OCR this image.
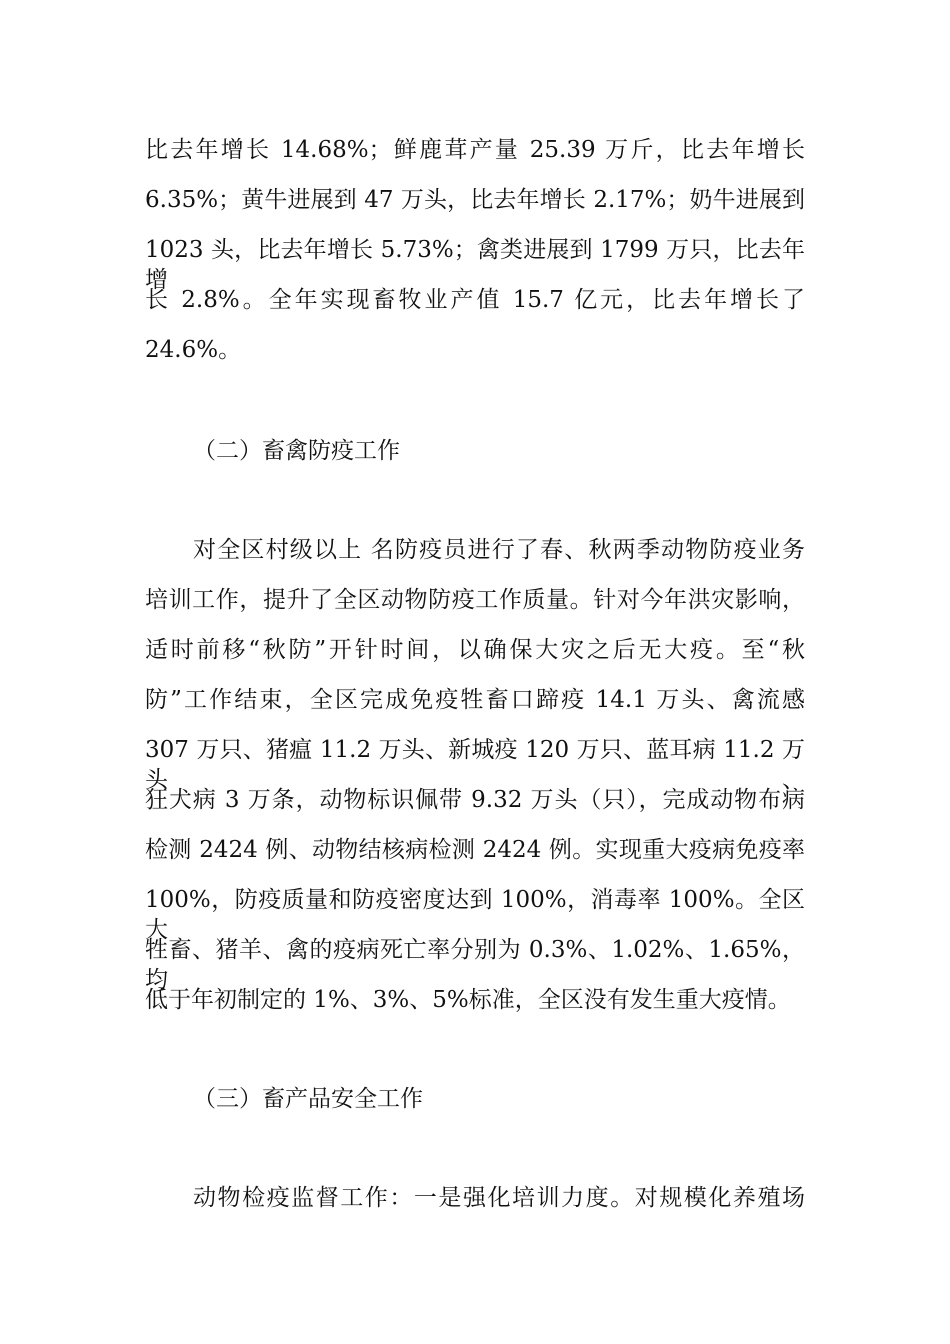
比去年增长 14.68%；鲜鹿茸产量 25.39 万斤，比去年增长
6.35%；黄牛进展到 47 万头，比去年增长 2.17%；奶牛进展到
1023 头，比去年增长 5.73%；禽类进展到 1799 万只，比去年增
长 2.8%。全年实现畜牧业产值 15.7 亿元，比去年增长了
24.6%。
（二）畜禽防疫工作
对全区村级以上 名防疫员进行了春、秋两季动物防疫业务
培训工作，提升了全区动物防疫工作质量。针对今年洪灾影响，
适时前移“秋防”开针时间，以确保大灾之后无大疫。至“秋
防”工作结束，全区完成免疫牲畜口蹄疫 14.1 万头、禽流感
307 万只、猪瘟 11.2 万头、新城疫 120 万只、蓝耳病 11.2 万头、
狂犬病 3 万条，动物标识佩带 9.32 万头（只），完成动物布病
检测 2424 例、动物结核病检测 2424 例。实现重大疫病免疫率
100%，防疫质量和防疫密度达到 100%，消毒率 100%。全区大
牲畜、猪羊、禽的疫病死亡率分别为 0.3%、1.02%、1.65%，均
低于年初制定的 1%、3%、5%标准，全区没有发生重大疫情。
（三）畜产品安全工作
动物检疫监督工作：一是强化培训力度。对规模化养殖场
